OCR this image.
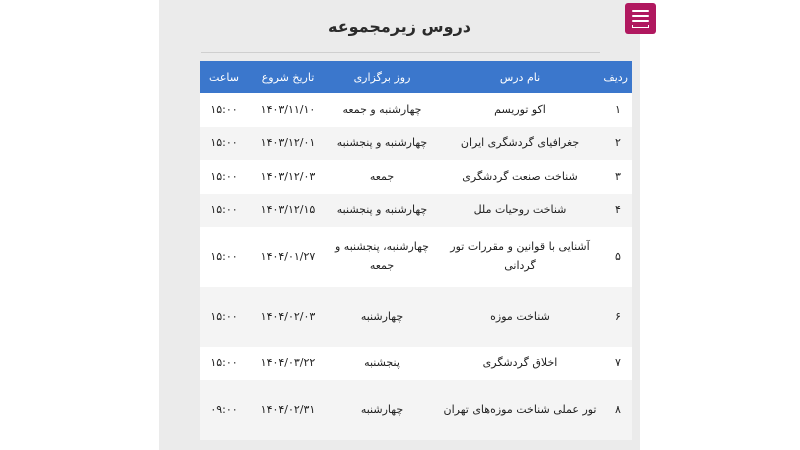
دروس زیرمجموعه
ردیف	نام درس	روز برگزاری	تاریخ شروع	ساعت
۱	اکو توریسم	چهارشنبه و جمعه	۱۴۰۳/۱۱/۱۰	۱۵:۰۰
۲	جغرافیای گردشگری ایران	چهارشنبه و پنجشنبه	۱۴۰۳/۱۲/۰۱	۱۵:۰۰
۳	شناخت صنعت گردشگری	جمعه	۱۴۰۳/۱۲/۰۳	۱۵:۰۰
۴	شناخت روحیات ملل	چهارشنبه و پنجشنبه	۱۴۰۳/۱۲/۱۵	۱۵:۰۰
۵	آشنایی با قوانین و مقررات تور گردانی	چهارشنبه، پنجشنبه و جمعه	۱۴۰۴/۰۱/۲۷	۱۵:۰۰
۶	شناخت موزه	چهارشنبه	۱۴۰۴/۰۲/۰۳	۱۵:۰۰
۷	اخلاق گردشگری	پنجشنبه	۱۴۰۴/۰۳/۲۲	۱۵:۰۰
۸	تور عملی شناخت موزه‌های تهران	چهارشنبه	۱۴۰۴/۰۲/۳۱	۰۹:۰۰
